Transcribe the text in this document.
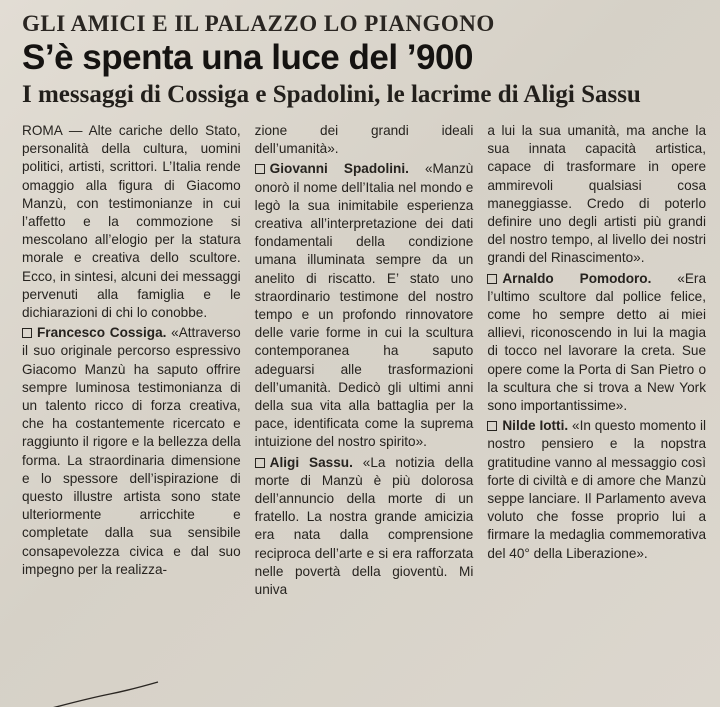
GLI AMICI E IL PALAZZO LO PIANGONO
S’è spenta una luce del ’900
I messaggi di Cossiga e Spadolini, le lacrime di Aligi Sassu

ROMA — Alte cariche dello Stato, personalità della cultura, uomini politici, artisti, scrittori. L’Italia rende omaggio alla figura di Giacomo Manzù, con testimonianze in cui l’affetto e la commozione si mescolano all’elogio per la statura morale e creativa dello scultore. Ecco, in sintesi, alcuni dei messaggi pervenuti alla famiglia e le dichiarazioni di chi lo conobbe.

Francesco Cossiga. «Attraverso il suo originale percorso espressivo Giacomo Manzù ha saputo offrire sempre luminosa testimonianza di un talento ricco di forza creativa, che ha costantemente ricercato e raggiunto il rigore e la bellezza della forma. La straordinaria dimensione e lo spessore dell’ispirazione di questo illustre artista sono state ulteriormente arricchite e completate dalla sua sensibile consapevolezza civica e dal suo impegno per la realizza-

zione dei grandi ideali dell’umanità».

Giovanni Spadolini. «Manzù onorò il nome dell’Italia nel mondo e legò la sua inimitabile esperienza creativa all’interpretazione dei dati fondamentali della condizione umana illuminata sempre da un anelito di riscatto. E’ stato uno straordinario testimone del nostro tempo e un profondo rinnovatore delle varie forme in cui la scultura contemporanea ha saputo adeguarsi alle trasformazioni dell’umanità. Dedicò gli ultimi anni della sua vita alla battaglia per la pace, identificata come la suprema intuizione del nostro spirito».

Aligi Sassu. «La notizia della morte di Manzù è più dolorosa dell’annuncio della morte di un fratello. La nostra grande amicizia era nata dalla comprensione reciproca dell’arte e si era rafforzata nelle povertà della gioventù. Mi univa

a lui la sua umanità, ma anche la sua innata capacità artistica, capace di trasformare in opere ammirevoli qualsiasi cosa maneggiasse. Credo di poterlo definire uno degli artisti più grandi del nostro tempo, al livello dei nostri grandi del Rinascimento».

Arnaldo Pomodoro. «Era l’ultimo scultore dal pollice felice, come ho sempre detto ai miei allievi, riconoscendo in lui la magia di tocco nel lavorare la creta. Sue opere come la Porta di San Pietro o la scultura che si trova a New York sono importantissime».

Nilde Iotti. «In questo momento il nostro pensiero e la nopstra gratitudine vanno al messaggio così forte di civiltà e di amore che Manzù seppe lanciare. Il Parlamento aveva voluto che fosse proprio lui a firmare la medaglia commemorativa del 40° della Liberazione».
